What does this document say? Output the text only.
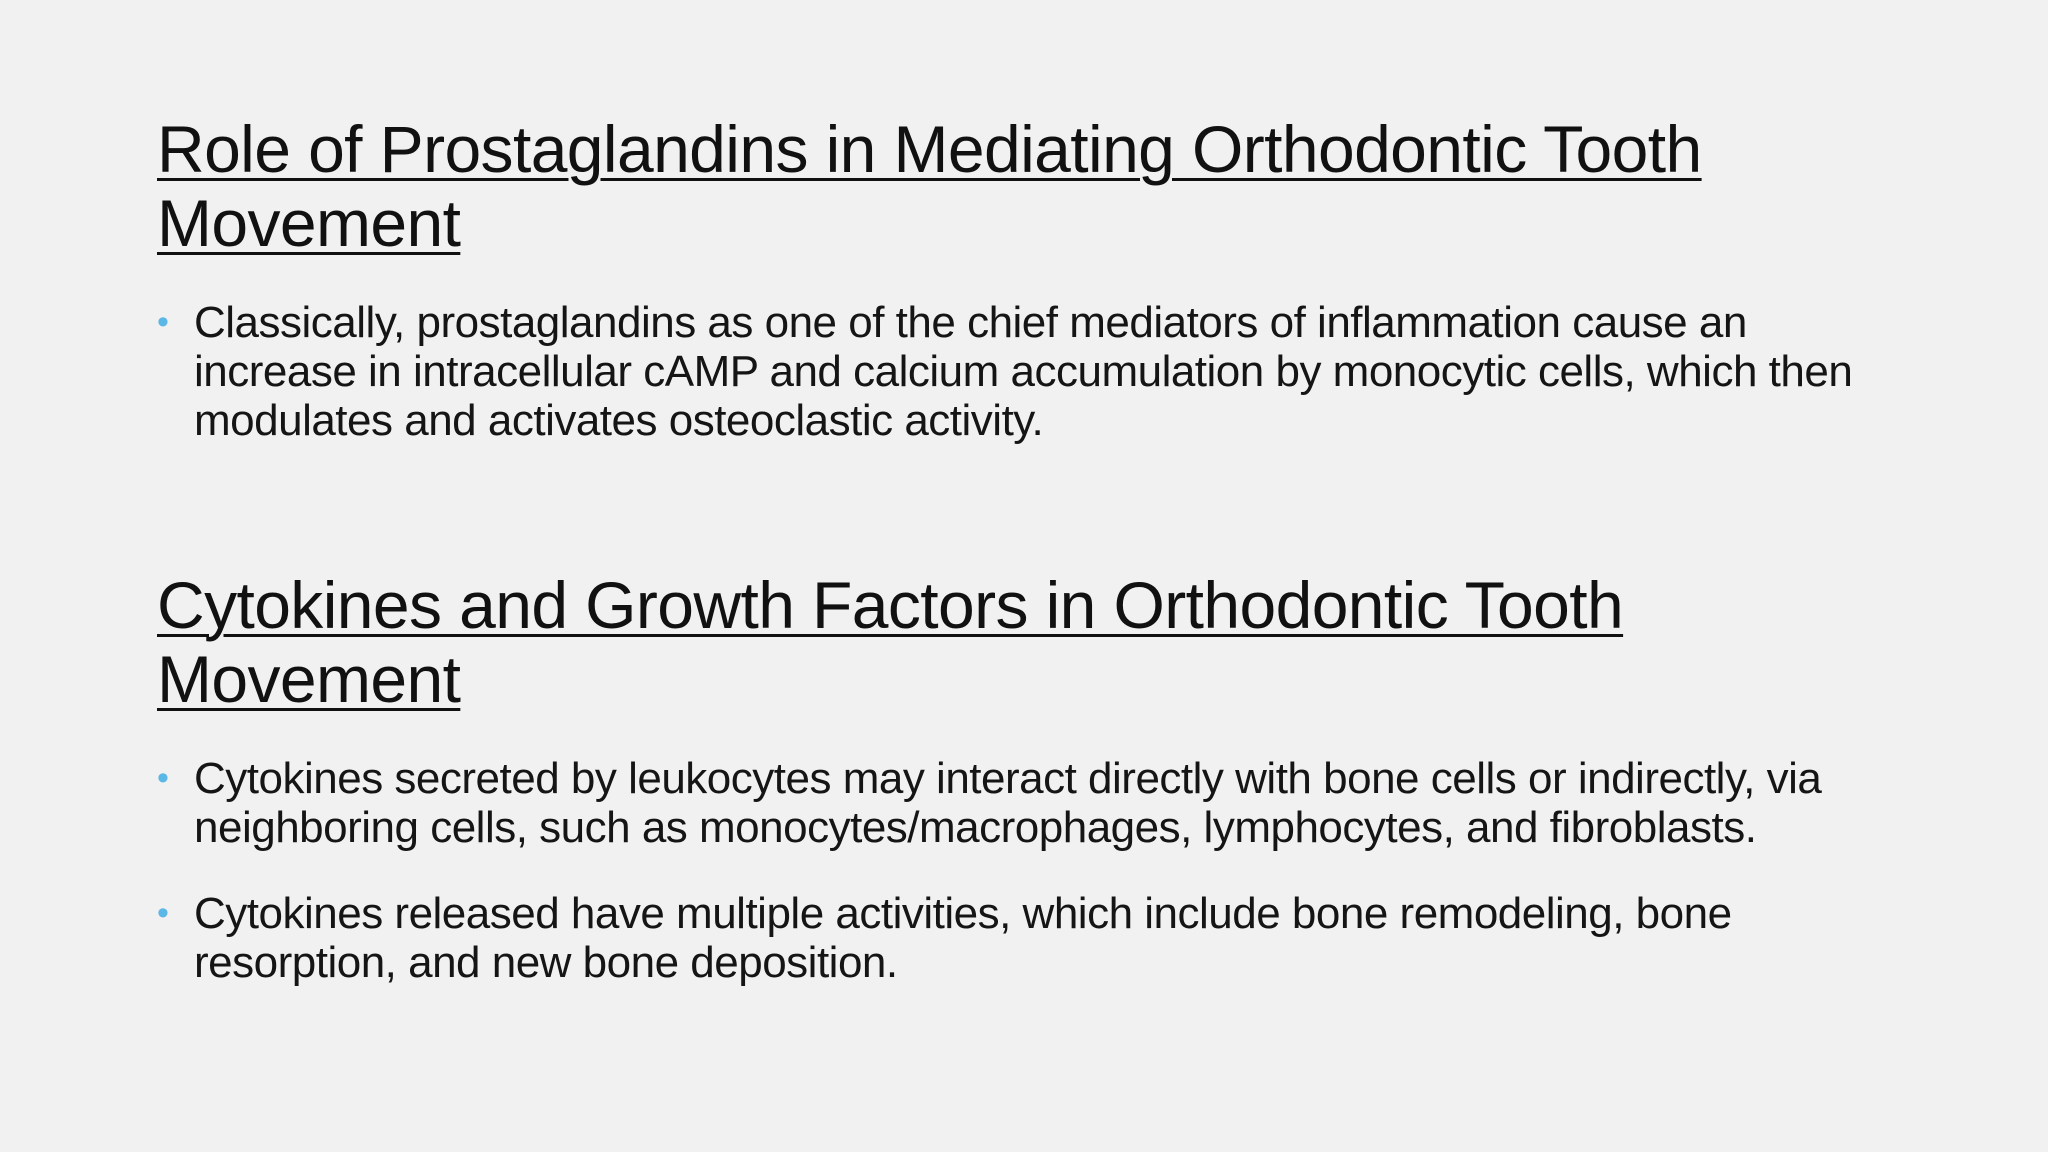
Role of Prostaglandins in Mediating Orthodontic Tooth Movement
• Classically, prostaglandins as one of the chief mediators of inflammation cause an increase in intracellular cAMP and calcium accumulation by monocytic cells, which then modulates and activates osteoclastic activity.
Cytokines and Growth Factors in Orthodontic Tooth Movement
• Cytokines secreted by leukocytes may interact directly with bone cells or indirectly, via neighboring cells, such as monocytes/macrophages, lymphocytes, and fibroblasts.
• Cytokines released have multiple activities, which include bone remodeling, bone resorption, and new bone deposition.
